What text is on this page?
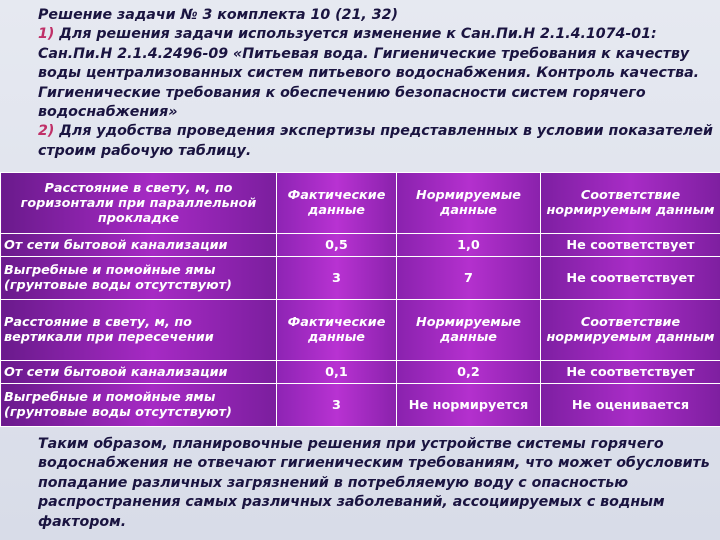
Решение задачи № 3 комплекта 10 (21, 32)

1) Для решения задачи используется изменение к Сан.Пи.Н 2.1.4.1074-01: Сан.Пи.Н 2.1.4.2496-09 «Питьевая вода. Гигиенические требования к качеству воды централизованных систем питьевого водоснабжения. Контроль качества. Гигиенические требования к обеспечению безопасности систем горячего водоснабжения»

2) Для удобства проведения экспертизы представленных в условии показателей строим рабочую таблицу.

Расстояние в свету, м, по горизонтали при параллельной прокладке	Фактические данные	Нормируемые данные	Соответствие нормируемым данным
От сети бытовой канализации	0,5	1,0	Не соответствует
Выгребные и помойные ямы (грунтовые воды отсутствуют)	3	7	Не соответствует
Расстояние в свету, м, по вертикали при пересечении	Фактические данные	Нормируемые данные	Соответствие нормируемым данным
От сети бытовой канализации	0,1	0,2	Не соответствует
Выгребные и помойные ямы (грунтовые воды отсутствуют)	3	Не нормируется	Не оценивается

Таким образом, планировочные решения при устройстве системы горячего водоснабжения не отвечают гигиеническим требованиям, что может обусловить попадание различных загрязнений в потребляемую воду с опасностью распространения самых различных заболеваний, ассоциируемых с водным фактором.
